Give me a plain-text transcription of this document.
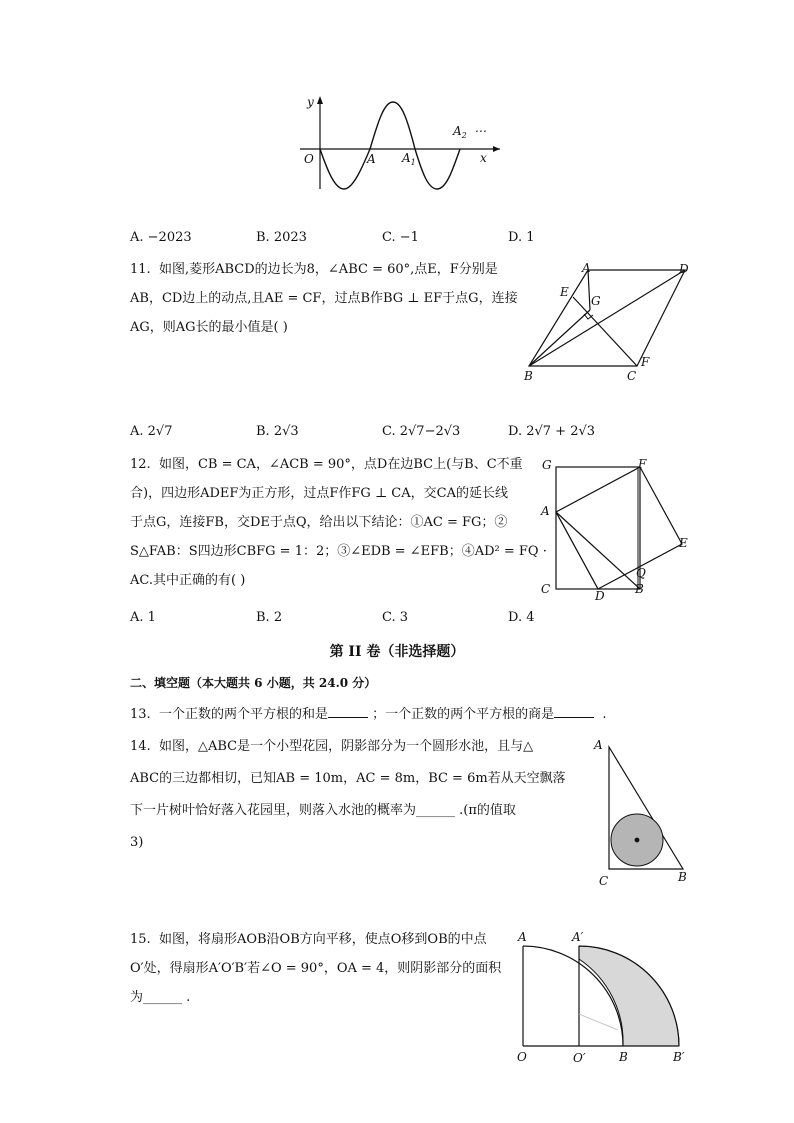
y
x
O	A $A_1$
$A_2$ ⋯
A. −2023	B. 2023	C. −1	D. 1
11. 如图,菱形ABCD的边长为8，∠ABC = 60°,点E，F分别是
AB，CD边上的动点,且AE = CF，过点B作BG ⊥ EF于点G，连接
AG，则AG长的最小值是( )
A	D
E
G
F
B	C
A. 2√7	B. 2√3	C. 2√7−2√3	D. 2√7 + 2√3
12. 如图，CB = CA，∠ACB = 90°，点D在边BC上(与B、C不重
合)，四边形ADEF为正方形，过点F作FG ⊥ CA，交CA的延长线
于点G，连接FB，交DE于点Q，给出以下结论：①AC = FG；②
S△FAB：S四边形CBFG = 1：2；③∠EDB = ∠EFB；④AD² = FQ ·
AC.其中正确的有( )
G	F
A
E
Q
C	D	B
A. 1	B. 2	C. 3	D. 4
第 II 卷（非选择题）
二、填空题（本大题共 6 小题，共 24.0 分）
13. 一个正数的两个平方根的和是	；一个正数的两个平方根的商是	.
14. 如图，△ABC是一个小型花园，阴影部分为一个圆形水池，且与△
ABC的三边都相切，已知AB = 10m，AC = 8m，BC = 6m若从天空飘落
下一片树叶恰好落入花园里，则落入水池的概率为______ .(π的值取
3)
A
C	B
15. 如图，将扇形AOB沿OB方向平移，使点O移到OB的中点
O′处，得扇形A′O′B′若∠O = 90°，OA = 4，则阴影部分的面积
为______ .
A	A′
O	O′	B	B′
